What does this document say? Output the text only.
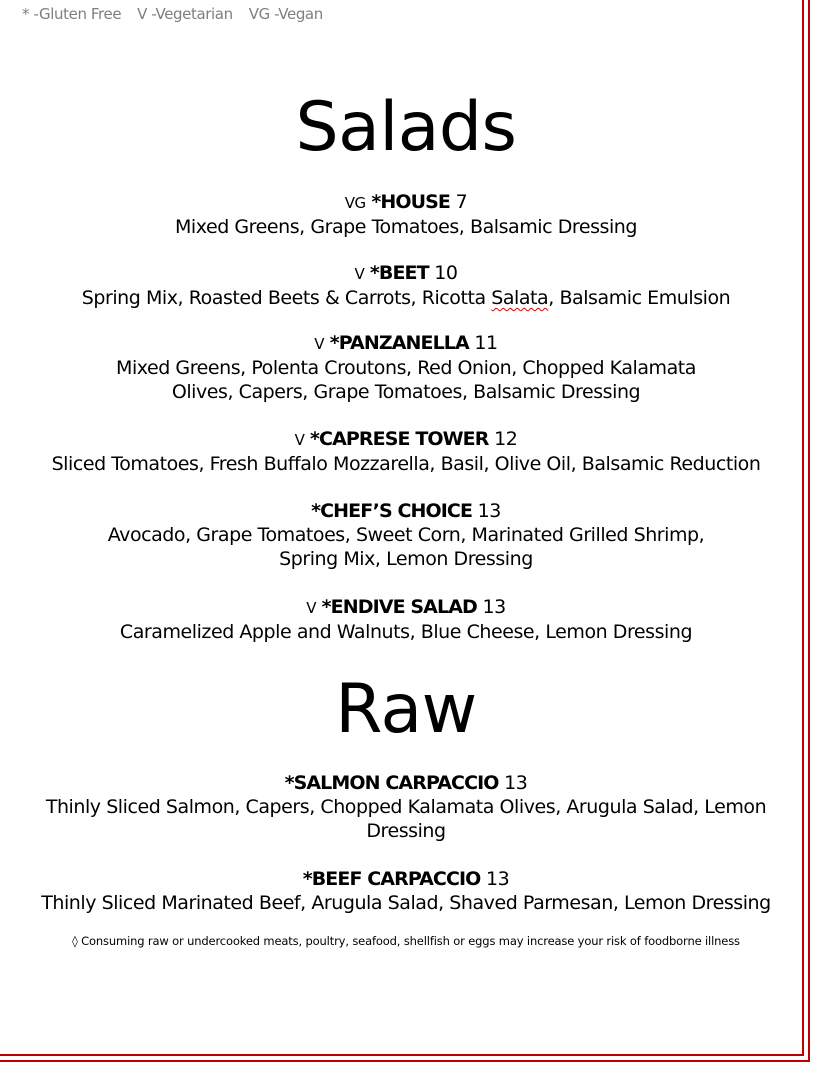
* -Gluten Free V -Vegetarian VG -Vegan
Salads
VG *HOUSE 7
Mixed Greens, Grape Tomatoes, Balsamic Dressing
V *BEET 10
Spring Mix, Roasted Beets & Carrots, Ricotta Salata, Balsamic Emulsion
V *PANZANELLA 11
Mixed Greens, Polenta Croutons, Red Onion, Chopped Kalamata
Olives, Capers, Grape Tomatoes, Balsamic Dressing
V *CAPRESE TOWER 12
Sliced Tomatoes, Fresh Buffalo Mozzarella, Basil, Olive Oil, Balsamic Reduction
*CHEF’S CHOICE 13
Avocado, Grape Tomatoes, Sweet Corn, Marinated Grilled Shrimp,
Spring Mix, Lemon Dressing
V *ENDIVE SALAD 13
Caramelized Apple and Walnuts, Blue Cheese, Lemon Dressing
Raw
*SALMON CARPACCIO 13
Thinly Sliced Salmon, Capers, Chopped Kalamata Olives, Arugula Salad, Lemon
Dressing
*BEEF CARPACCIO 13
Thinly Sliced Marinated Beef, Arugula Salad, Shaved Parmesan, Lemon Dressing
◊ Consuming raw or undercooked meats, poultry, seafood, shellfish or eggs may increase your risk of foodborne illness
